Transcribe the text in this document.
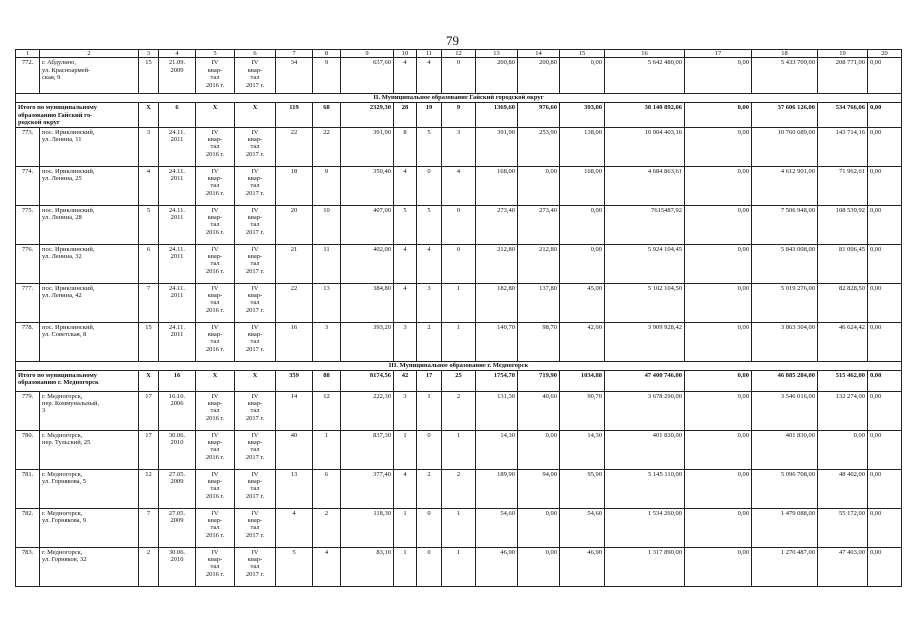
79
1	2	3	4	5	6	7	8	9	10	11	12	13	14	15	16	17	18	19	20
772.	г. Абдулино,
ул. Красноармей-
ская, 9	15	21.09.
2009	IV
квар-
тал
2016 г.	IV
квар-
тал
2017 г.	34	9	637,60	4	4	0	200,80	200,80	0,00	5 642 480,00	0,00	5 433 709,00	208 771,00	0,00
II. Муниципальное образование Гайский городской округ																			

Итого по муниципальному
образованию Гайский го-
родской округ		X	6	X	X	119	68	2329,30	28	19	9	1369,60	976,60	393,00	38 140 892,06	0,00	37 606 126,00	534 766,06	0,00
773.	пос. Ириклинский,
ул. Ленина, 11	3	24.11.
2011	IV
квар-
тал
2016 г.	IV
квар-
тал
2017 г.	22	22	391,90	8	5	3	391,90	253,90	138,00	10 904 403,16	0,00	10 760 689,00	143 714,16	0,00
774.	пос. Ириклинский,
ул. Ленина, 25	4	24.11.
2011	IV
квар-
тал
2016 г.	IV
квар-
тал
2017 г.	18	9	350,40	4	0	4	168,00	0,00	168,00	4 684 863,61	0,00	4 612 901,00	71 962,61	0,00
775.	пос. Ириклинский,
ул. Ленина, 28	5	24.11.
2011	IV
квар-
тал
2016 г.	IV
квар-
тал
2017 г.	20	10	407,00	5	5	0	273,40	273,40	0,00	7615487,92	0,00	7 506 948,00	108 539,92	0,00
776.	пос. Ириклинский,
ул. Ленина, 32	6	24.11.
2011	IV
квар-
тал
2016 г.	IV
квар-
тал
2017 г.	21	11	402,00	4	4	0	212,80	212,80	0,00	5 924 104,45	0,00	5 843 008,00	81 096,45	0,00
777.	пос. Ириклинский,
ул. Ленина, 42	7	24.11.
2011	IV
квар-
тал
2016 г.	IV
квар-
тал
2017 г.	22	13	384,80	4	3	1	182,80	137,80	45,00	5 102 104,50	0,00	5 019 276,00	82 828,50	0,00
778.	пос. Ириклинский,
ул. Советская, 8	15	24.11.
2011	IV
квар-
тал
2016 г.	IV
квар-
тал
2017 г.	16	3	393,20	3	2	1	140,70	98,70	42,00	3 909 928,42	0,00	3 863 304,00	46 624,42	0,00
III. Муниципальное образование г. Медногорск																			

Итого по муниципальному
образованию г. Медногорск		X	16	X	X	359	88	8174,56	42	17	25	1754,78	719,90	1034,88	47 400 746,00	0,00	46 885 284,00	515 462,00	0,00
779.	г. Медногорск,
пер. Коммунальный,
3	17	16.10.
2006	IV
квар-
тал
2016 г.	IV
квар-
тал
2017 г.	14	12	222,30	3	1	2	131,30	40,60	90,70	3 678 290,00	0,00	3 546 016,00	132 274,00	0,00
780.	г. Медногорск,
пер. Тульский, 25	17	30.06.
2010	IV
квар-
тал
2016 г.	IV
квар-
тал
2017 г.	40	1	837,30	1	0	1	14,30	0,00	14,30	401 830,00	0,00	401 830,00	0,00	0,00
781.	г. Медногорск,
ул. Горнякова, 5	12	27.05.
2009	IV
квар-
тал
2016 г.	IV
квар-
тал
2017 г.	13	6	377,40	4	2	2	189,90	94,00	95,90	5 145 110,00	0,00	5 096 708,00	48 402,00	0,00
782.	г. Медногорск,
ул. Горнякова, 9	7	27.05.
2009	IV
квар-
тал
2016 г.	IV
квар-
тал
2017 г.	4	2	118,30	1	0	1	54,60	0,00	54,60	1 534 260,00	0,00	1 479 088,00	55 172,00	0,00
783.	г. Медногорск,
ул. Горняков, 32	2	30.06.
2010	IV
квар-
тал
2016 г.	IV
квар-
тал
2017 г.	5	4	83,10	1	0	1	46,90	0,00	46,90	1 317 890,00	0,00	1 270 487,00	47 403,00	0,00
